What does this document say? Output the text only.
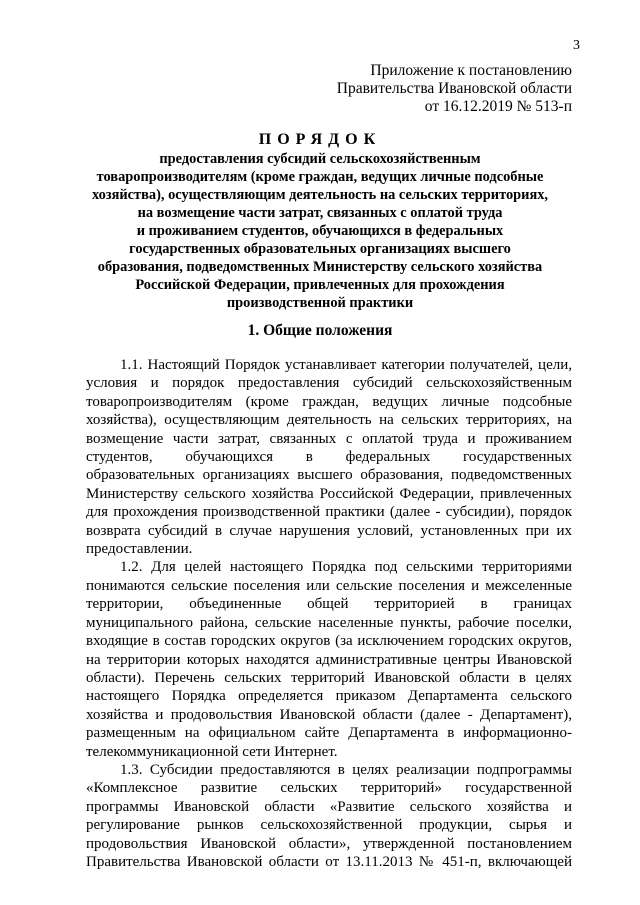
3
Приложение к постановлению
Правительства Ивановской области
от 16.12.2019 № 513-п
ПОРЯДОК
предоставления субсидий сельскохозяйственным
товаропроизводителям (кроме граждан, ведущих личные подсобные
хозяйства), осуществляющим деятельность на сельских территориях,
на возмещение части затрат, связанных с оплатой труда
и проживанием студентов, обучающихся в федеральных
государственных образовательных организациях высшего
образования, подведомственных Министерству сельского хозяйства
Российской Федерации, привлеченных для прохождения
производственной практики
1. Общие положения
1.1. Настоящий Порядок устанавливает категории получателей, цели,
условия и порядок предоставления субсидий сельскохозяйственным
товаропроизводителям (кроме граждан, ведущих личные подсобные
хозяйства), осуществляющим деятельность на сельских территориях, на
возмещение части затрат, связанных с оплатой труда и проживанием
студентов, обучающихся в федеральных государственных
образовательных организациях высшего образования, подведомственных
Министерству сельского хозяйства Российской Федерации, привлеченных
для прохождения производственной практики (далее - субсидии), порядок
возврата субсидий в случае нарушения условий, установленных при их
предоставлении.
1.2. Для целей настоящего Порядка под сельскими территориями
понимаются сельские поселения или сельские поселения и межселенные
территории, объединенные общей территорией в границах
муниципального района, сельские населенные пункты, рабочие поселки,
входящие в состав городских округов (за исключением городских округов,
на территории которых находятся административные центры Ивановской
области). Перечень сельских территорий Ивановской области в целях
настоящего Порядка определяется приказом Департамента сельского
хозяйства и продовольствия Ивановской области (далее - Департамент),
размещенным на официальном сайте Департамента в информационно-
телекоммуникационной сети Интернет.
1.3. Субсидии предоставляются в целях реализации подпрограммы
«Комплексное развитие сельских территорий» государственной
программы Ивановской области «Развитие сельского хозяйства и
регулирование рынков сельскохозяйственной продукции, сырья и
продовольствия Ивановской области», утвержденной постановлением
Правительства Ивановской области от 13.11.2013 № 451-п, включающей
